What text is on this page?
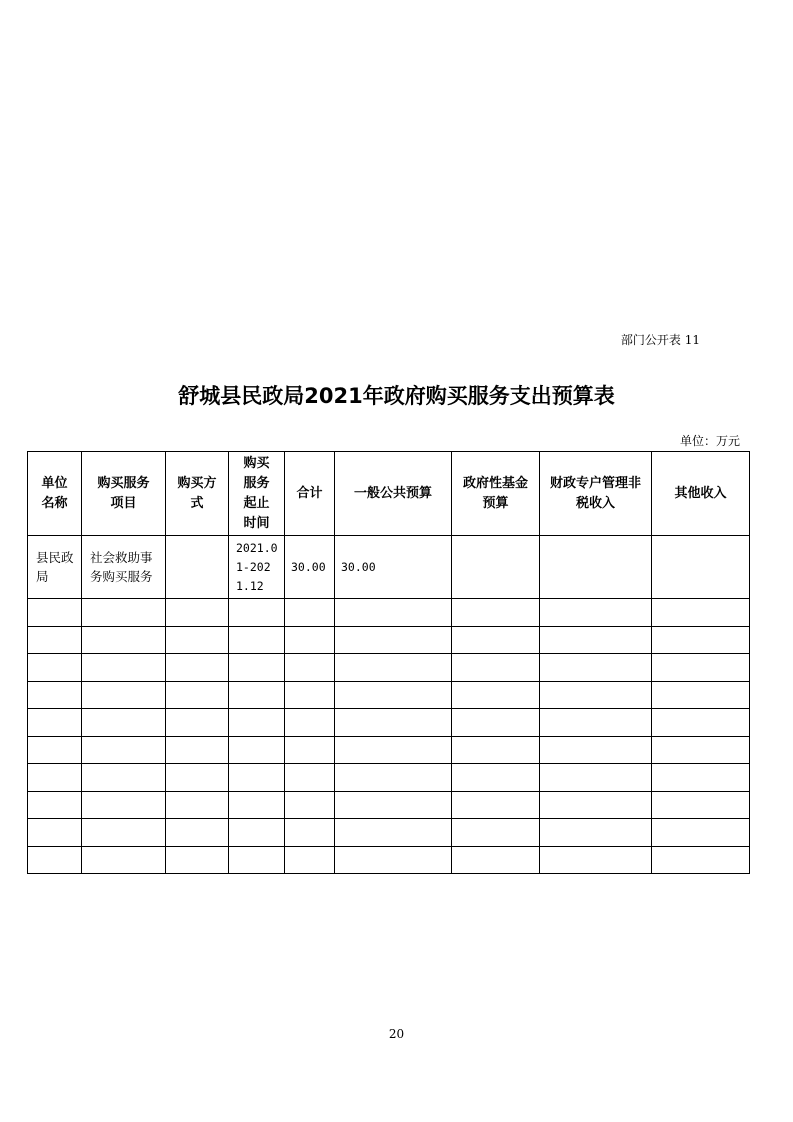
部门公开表 11
舒城县民政局2021年政府购买服务支出预算表
单位：万元
单位名称	购买服务项目	购买方式	购买服务起止时间	合计	一般公共预算	政府性基金预算	财政专户管理非税收入	其他收入
县民政局	社会救助事务购买服务		2021.01-2021.12	30.00	30.00			

20
